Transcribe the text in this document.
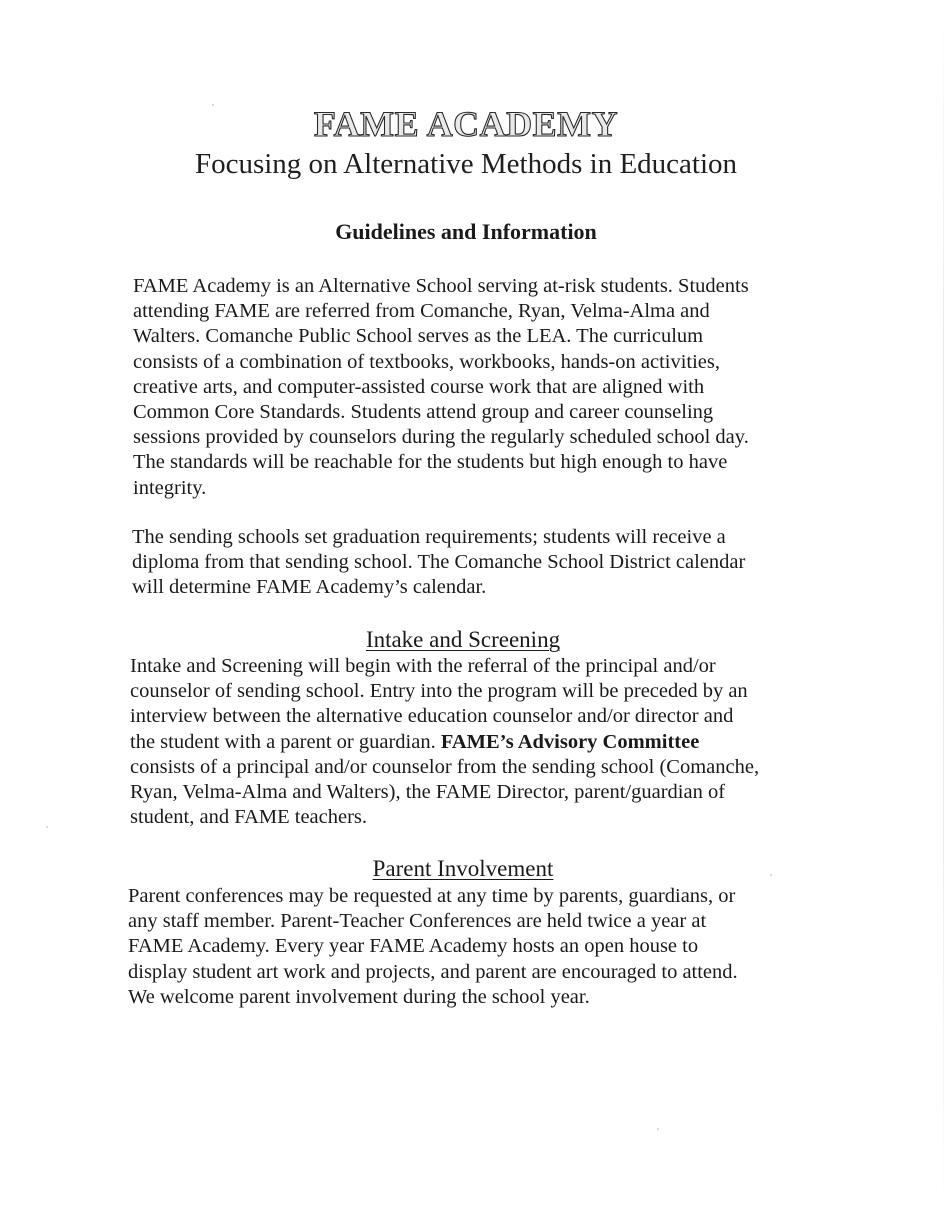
FAME ACADEMY
Focusing on Alternative Methods in Education
Guidelines and Information
FAME Academy is an Alternative School serving at-risk students. Students
attending FAME are referred from Comanche, Ryan, Velma-Alma and
Walters. Comanche Public School serves as the LEA. The curriculum
consists of a combination of textbooks, workbooks, hands-on activities,
creative arts, and computer-assisted course work that are aligned with
Common Core Standards. Students attend group and career counseling
sessions provided by counselors during the regularly scheduled school day.
The standards will be reachable for the students but high enough to have
integrity.
The sending schools set graduation requirements; students will receive a
diploma from that sending school. The Comanche School District calendar
will determine FAME Academy’s calendar.
Intake and Screening
Intake and Screening will begin with the referral of the principal and/or
counselor of sending school. Entry into the program will be preceded by an
interview between the alternative education counselor and/or director and
the student with a parent or guardian. FAME’s Advisory Committee
consists of a principal and/or counselor from the sending school (Comanche,
Ryan, Velma-Alma and Walters), the FAME Director, parent/guardian of
student, and FAME teachers.
Parent Involvement
Parent conferences may be requested at any time by parents, guardians, or
any staff member. Parent-Teacher Conferences are held twice a year at
FAME Academy. Every year FAME Academy hosts an open house to
display student art work and projects, and parent are encouraged to attend.
We welcome parent involvement during the school year.
